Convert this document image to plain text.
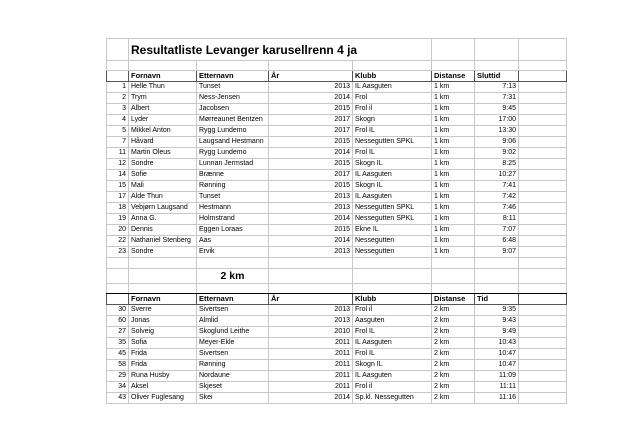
	Resultatliste Levanger karusellrenn 4 ja						

	Fornavn	Etternavn	År	Klubb	Distanse	Sluttid	
1	Helle Thun	Tunset	2013	IL Aasguten	1 km	7:13	
2	Trym	Ness-Jensen	2014	Frol	1 km	7:31	
3	Albert	Jacobsen	2015	Frol il	1 km	9:45	
4	Lyder	Mørreaunet Bentzen	2017	Skogn	1 km	17:00	
5	Mikkel Anton	Rygg Lundemo	2017	Frol IL	1 km	13:30	
7	Håvard	Laugsand Hestmann	2015	Nessegutten SPKL	1 km	9:06	
11	Martin Oleus	Rygg Lundemo	2014	Frol IL	1 km	9:02	
12	Sondre	Lunnan Jermstad	2015	Skogn IL	1 km	8:25	
14	Sofie	Brænne	2017	IL Aasguten	1 km	10:27	
15	Mali	Rønning	2015	Skogn IL	1 km	7:41	
17	Alde Thun	Tunset	2013	IL Aasguten	1 km	7:42	
18	Vebjørn Laugsand	Hestmann	2013	Nessegutten SPKL	1 km	7:46	
19	Anna G.	Holmstrand	2014	Nessegutten SPKL	1 km	8:11	
20	Dennis	Eggen Loraas	2015	Ekne IL	1 km	7:07	
22	Nathaniel Stenberg	Aas	2014	Nessegutten	1 km	6:48	
23	Sondre	Ervik	2013	Nessegutten	1 km	9:07	

		2 km					

	Fornavn	Etternavn	År	Klubb	Distanse	Tid	
30	Sverre	Sivertsen	2013	Frol il	2 km	9:35	
60	Jonas	Almlid	2013	Aasguten	2 km	9:43	
27	Solveig	Skoglund Leithe	2010	Frol IL	2 km	9:49	
35	Sofia	Meyer-Ekle	2011	IL Aasguten	2 km	10:43	
45	Frida	Sivertsen	2011	Frol IL	2 km	10:47	
58	Frida	Rønning	2011	Skogn IL	2 km	10:47	
29	Runa Husby	Nordaune	2011	IL Aasguten	2 km	11:09	
34	Aksel	Skjeset	2011	Frol il	2 km	11:11	
43	Oliver Fuglesang	Skei	2014	Sp.kl. Nessegutten	2 km	11:16	
